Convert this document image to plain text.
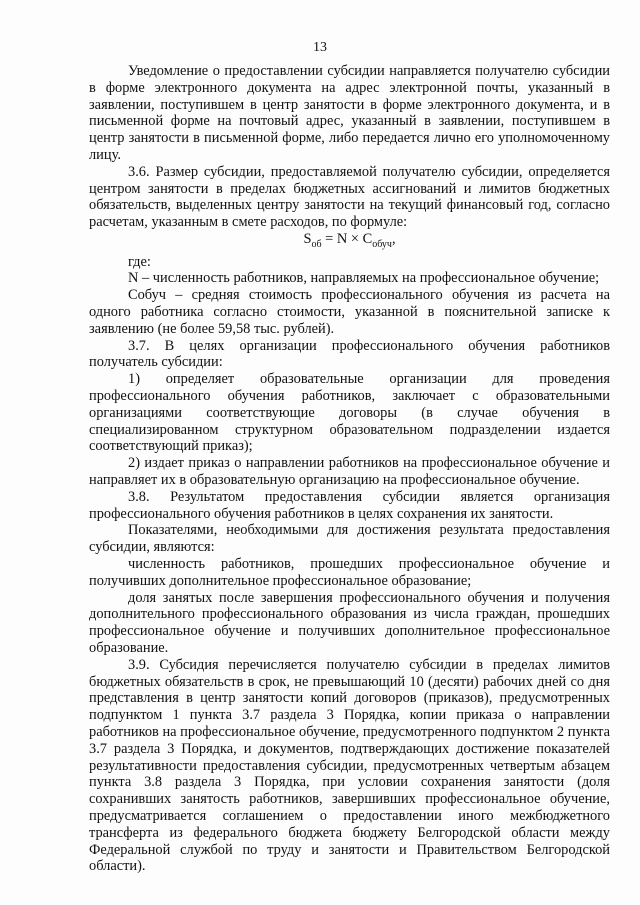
13

Уведомление о предоставлении субсидии направляется получателю субсидии в форме электронного документа на адрес электронной почты, указанный в заявлении, поступившем в центр занятости в форме электронного документа, и в письменной форме на почтовый адрес, указанный в заявлении, поступившем в центр занятости в письменной форме, либо передается лично его уполномоченному лицу.

3.6. Размер субсидии, предоставляемой получателю субсидии, определяется центром занятости в пределах бюджетных ассигнований и лимитов бюджетных обязательств, выделенных центру занятости на текущий финансовый год, согласно расчетам, указанным в смете расходов, по формуле:

$S_{об} = N \times C_{обуч}$,

где:

N – численность работников, направляемых на профессиональное обучение;

Cобуч – средняя стоимость профессионального обучения из расчета на одного работника согласно стоимости, указанной в пояснительной записке к заявлению (не более 59,58 тыс. рублей).

3.7. В целях организации профессионального обучения работников получатель субсидии:

1) определяет образовательные организации для проведения профессионального обучения работников, заключает с образовательными организациями соответствующие договоры (в случае обучения в специализированном структурном образовательном подразделении издается соответствующий приказ);

2) издает приказ о направлении работников на профессиональное обучение и направляет их в образовательную организацию на профессиональное обучение.

3.8. Результатом предоставления субсидии является организация профессионального обучения работников в целях сохранения их занятости.

Показателями, необходимыми для достижения результата предоставления субсидии, являются:

численность работников, прошедших профессиональное обучение и получивших дополнительное профессиональное образование;

доля занятых после завершения профессионального обучения и получения дополнительного профессионального образования из числа граждан, прошедших профессиональное обучение и получивших дополнительное профессиональное образование.

3.9. Субсидия перечисляется получателю субсидии в пределах лимитов бюджетных обязательств в срок, не превышающий 10 (десяти) рабочих дней со дня представления в центр занятости копий договоров (приказов), предусмотренных подпунктом 1 пункта 3.7 раздела 3 Порядка, копии приказа о направлении работников на профессиональное обучение, предусмотренного подпунктом 2 пункта 3.7 раздела 3 Порядка, и документов, подтверждающих достижение показателей результативности предоставления субсидии, предусмотренных четвертым абзацем пункта 3.8 раздела 3 Порядка, при условии сохранения занятости (доля сохранивших занятость работников, завершивших профессиональное обучение, предусматривается соглашением о предоставлении иного межбюджетного трансферта из федерального бюджета бюджету Белгородской области между Федеральной службой по труду и занятости и Правительством Белгородской области).
